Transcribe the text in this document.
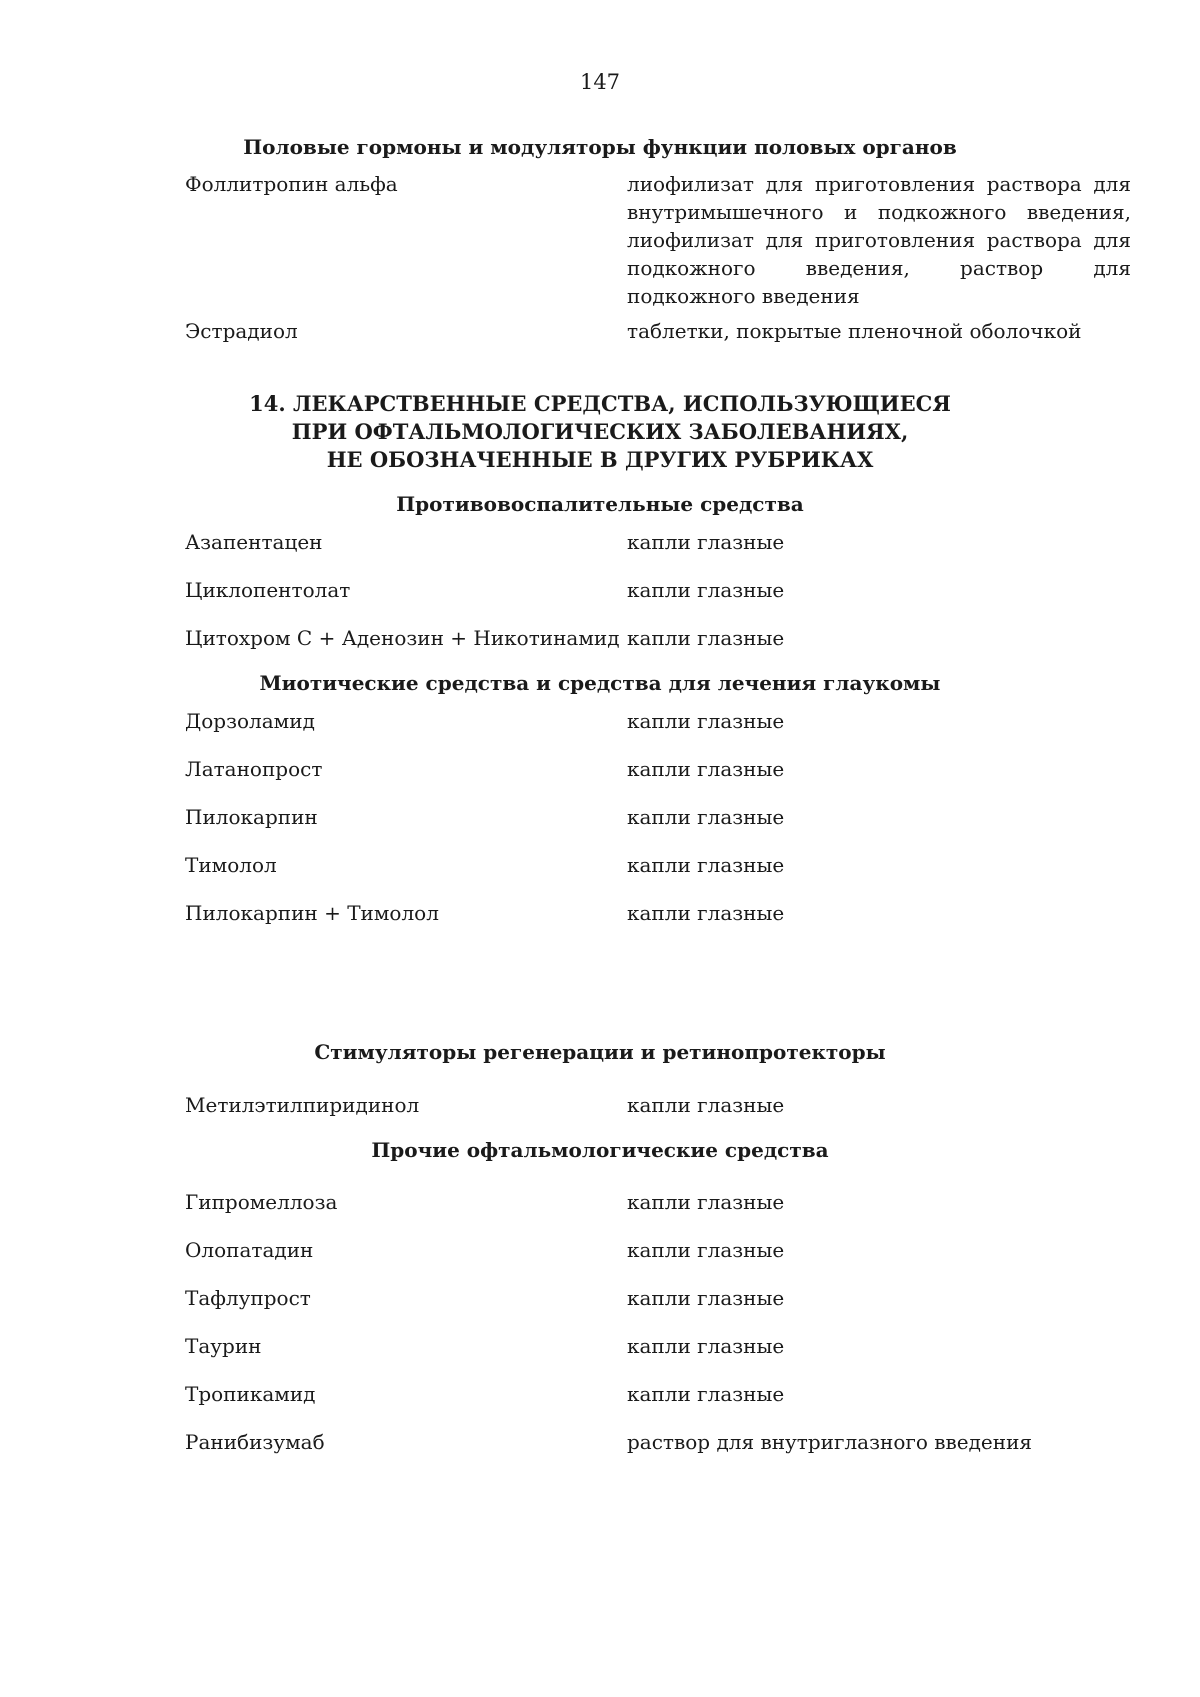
147
Половые гормоны и модуляторы функции половых органов
Фоллитропин альфа	лиофилизат для приготовления раствора для внутримышечного и подкожного введения, лиофилизат для приготовления раствора для подкожного введения, раствор для подкожного введения
Эстрадиол	таблетки, покрытые пленочной оболочкой
14. ЛЕКАРСТВЕННЫЕ СРЕДСТВА, ИСПОЛЬЗУЮЩИЕСЯ
ПРИ ОФТАЛЬМОЛОГИЧЕСКИХ ЗАБОЛЕВАНИЯХ,
НЕ ОБОЗНАЧЕННЫЕ В ДРУГИХ РУБРИКАХ
Противовоспалительные средства
Азапентацен	капли глазные
Циклопентолат	капли глазные
Цитохром С + Аденозин + Никотинамид капли глазные
Миотические средства и средства для лечения глаукомы
Дорзоламид	капли глазные
Латанопрост	капли глазные
Пилокарпин	капли глазные
Тимолол	капли глазные
Пилокарпин + Тимолол	капли глазные
Стимуляторы регенерации и ретинопротекторы
Метилэтилпиридинол	капли глазные
Прочие офтальмологические средства
Гипромеллоза	капли глазные
Олопатадин	капли глазные
Тафлупрост	капли глазные
Таурин	капли глазные
Тропикамид	капли глазные
Ранибизумаб	раствор для внутриглазного введения
